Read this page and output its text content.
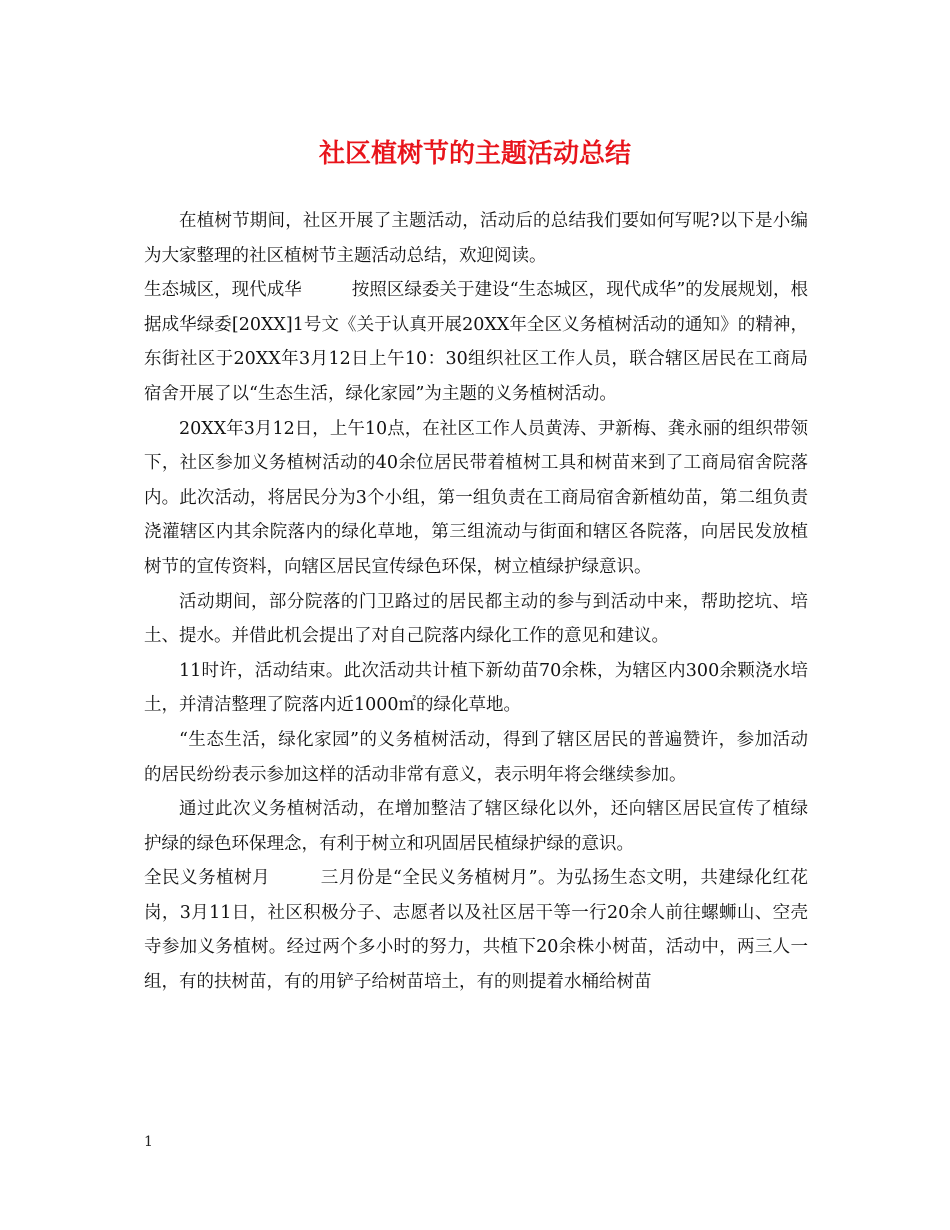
社区植树节的主题活动总结

在植树节期间，社区开展了主题活动，活动后的总结我们要如何写呢?以下是小编为大家整理的社区植树节主题活动总结，欢迎阅读。

生态城区，现代成华	按照区绿委关于建设“生态城区，现代成华”的发展规划，根据成华绿委[20XX]1号文《关于认真开展20XX年全区义务植树活动的通知》的精神，东街社区于20XX年3月12日上午10：30组织社区工作人员，联合辖区居民在工商局宿舍开展了以“生态生活，绿化家园”为主题的义务植树活动。

20XX年3月12日，上午10点，在社区工作人员黄涛、尹新梅、龚永丽的组织带领下，社区参加义务植树活动的40余位居民带着植树工具和树苗来到了工商局宿舍院落内。此次活动，将居民分为3个小组，第一组负责在工商局宿舍新植幼苗，第二组负责浇灌辖区内其余院落内的绿化草地，第三组流动与街面和辖区各院落，向居民发放植树节的宣传资料，向辖区居民宣传绿色环保，树立植绿护绿意识。

活动期间，部分院落的门卫路过的居民都主动的参与到活动中来，帮助挖坑、培土、提水。并借此机会提出了对自己院落内绿化工作的意见和建议。

11时许，活动结束。此次活动共计植下新幼苗70余株，为辖区内300余颗浇水培土，并清洁整理了院落内近1000㎡的绿化草地。

“生态生活，绿化家园”的义务植树活动，得到了辖区居民的普遍赞许，参加活动的居民纷纷表示参加这样的活动非常有意义，表示明年将会继续参加。

通过此次义务植树活动，在增加整洁了辖区绿化以外，还向辖区居民宣传了植绿护绿的绿色环保理念，有利于树立和巩固居民植绿护绿的意识。

全民义务植树月	三月份是“全民义务植树月”。为弘扬生态文明，共建绿化红花岗，3月11日，社区积极分子、志愿者以及社区居干等一行20余人前往螺蛳山、空壳寺参加义务植树。经过两个多小时的努力，共植下20余株小树苗，活动中，两三人一组，有的扶树苗，有的用铲子给树苗培土，有的则提着水桶给树苗

1
